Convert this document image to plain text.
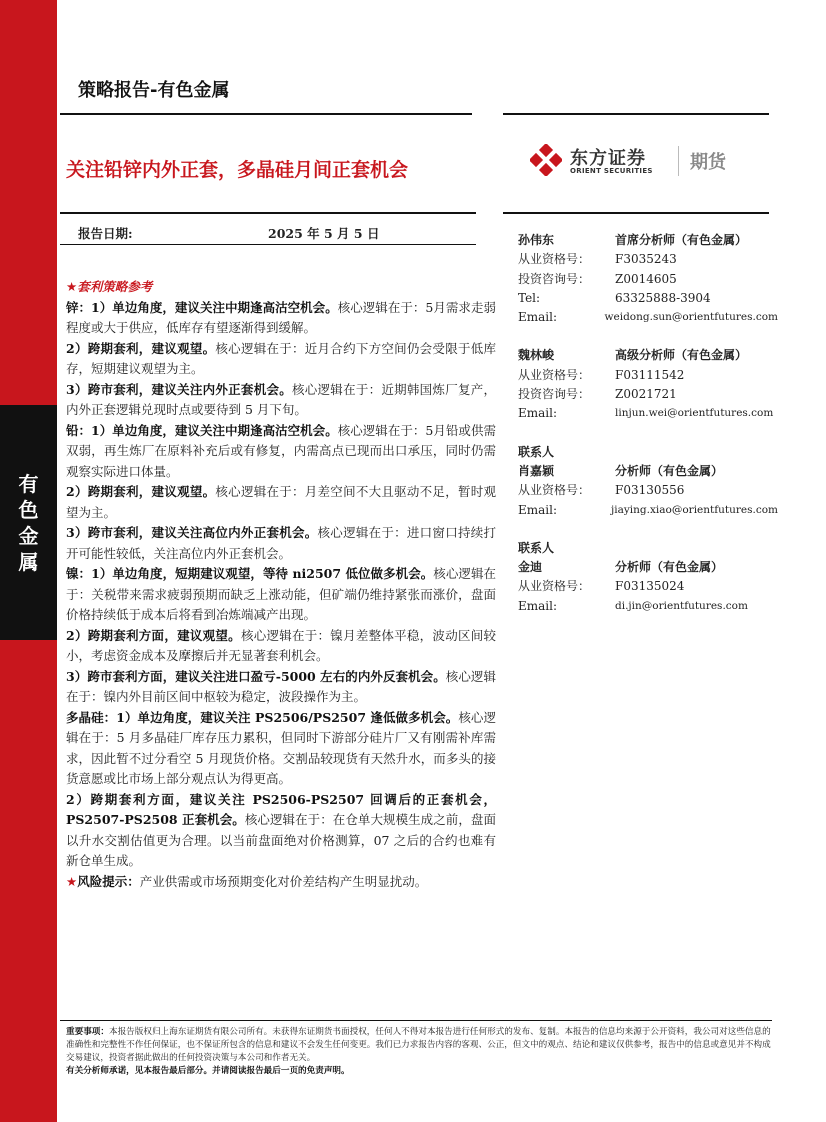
有
色
金
属
策略报告-有色金属
关注铅锌内外正套，多晶硅月间正套机会
东方证券
ORIENT SECURITIES 期货
报告日期:	2025 年 5 月 5 日

★套利策略参考

锌：1）单边角度，建议关注中期逢高沽空机会。核心逻辑在于：5月需求走弱程度或大于供应，低库存有望逐渐得到缓解。

2）跨期套利，建议观望。核心逻辑在于：近月合约下方空间仍会受限于低库存，短期建议观望为主。

3）跨市套利，建议关注内外正套机会。核心逻辑在于：近期韩国炼厂复产，内外正套逻辑兑现时点或要待到 5 月下旬。

铅：1）单边角度，建议关注中期逢高沽空机会。核心逻辑在于：5月铅或供需双弱，再生炼厂在原料补充后或有修复，内需高点已现而出口承压，同时仍需观察实际进口体量。

2）跨期套利，建议观望。核心逻辑在于：月差空间不大且驱动不足，暂时观望为主。

3）跨市套利，建议关注高位内外正套机会。核心逻辑在于：进口窗口持续打开可能性较低，关注高位内外正套机会。

镍：1）单边角度，短期建议观望，等待 ni2507 低位做多机会。核心逻辑在于：关税带来需求疲弱预期而缺乏上涨动能，但矿端仍维持紧张而涨价，盘面价格持续低于成本后将看到冶炼端减产出现。

2）跨期套利方面，建议观望。核心逻辑在于：镍月差整体平稳，波动区间较小，考虑资金成本及摩擦后并无显著套利机会。

3）跨市套利方面，建议关注进口盈亏-5000 左右的内外反套机会。核心逻辑在于：镍内外目前区间中枢较为稳定，波段操作为主。

多晶硅：1）单边角度，建议关注 PS2506/PS2507 逢低做多机会。核心逻辑在于：5 月多晶硅厂库存压力累积，但同时下游部分硅片厂又有刚需补库需求，因此暂不过分看空 5 月现货价格。交割品较现货有天然升水，而多头的接货意愿或比市场上部分观点认为得更高。

2）跨期套利方面，建议关注 PS2506-PS2507 回调后的正套机会，PS2507-PS2508 正套机会。核心逻辑在于：在仓单大规模生成之前，盘面以升水交割估值更为合理。以当前盘面绝对价格测算，07 之后的合约也难有新仓单生成。

★风险提示：产业供需或市场预期变化对价差结构产生明显扰动。

孙伟东	首席分析师（有色金属）
从业资格号：	F3035243
投资咨询号：	Z0014605
Tel:	63325888-3904
Email:	weidong.sun@orientfutures.com
魏林峻	高级分析师（有色金属）
从业资格号：	F03111542
投资咨询号：	Z0021721
Email:	linjun.wei@orientfutures.com
联系人
肖嘉颖	分析师（有色金属）
从业资格号：	F03130556
Email:	jiaying.xiao@orientfutures.com
联系人
金迪	分析师（有色金属）
从业资格号：	F03135024
Email:	di.jin@orientfutures.com

重要事项：本报告版权归上海东证期货有限公司所有。未获得东证期货书面授权，任何人不得对本报告进行任何形式的发布、复制。本报告的信息均来源于公开资料，我公司对这些信息的准确性和完整性不作任何保证，也不保证所包含的信息和建议不会发生任何变更。我们已力求报告内容的客观、公正，但文中的观点、结论和建议仅供参考，报告中的信息或意见并不构成交易建议，投资者据此做出的任何投资决策与本公司和作者无关。

有关分析师承诺，见本报告最后部分。并请阅读报告最后一页的免责声明。
